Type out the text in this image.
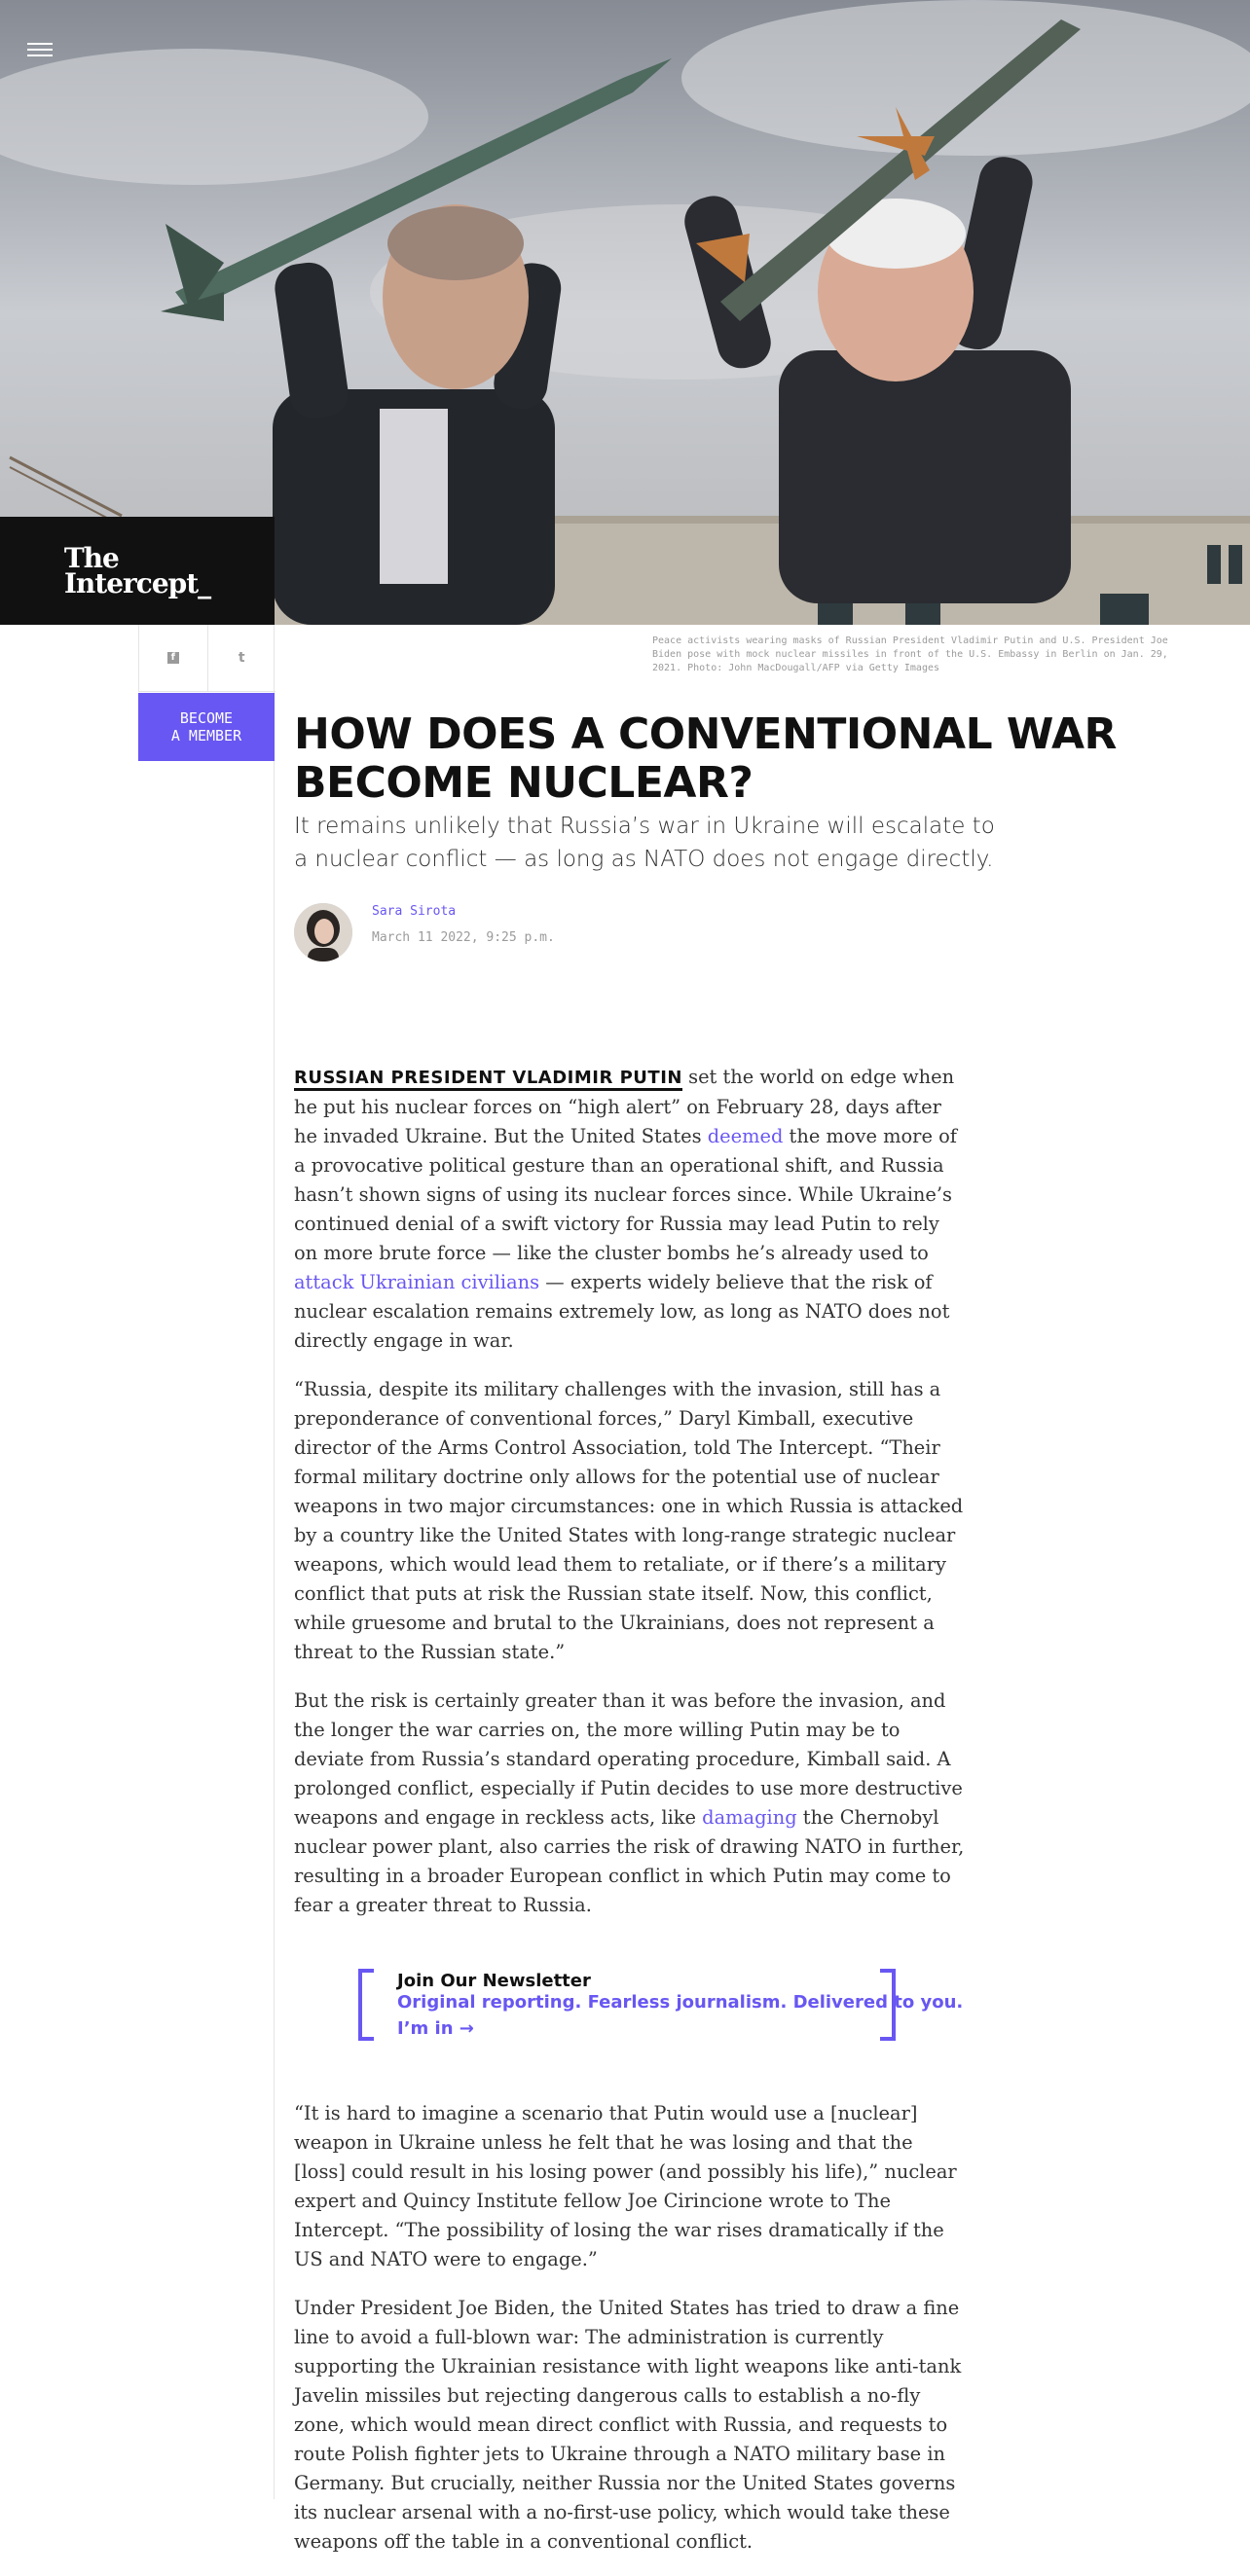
The
Intercept_
f	t
BECOME
A MEMBER
Peace activists wearing masks of Russian President Vladimir Putin and U.S. President Joe Biden pose with mock nuclear missiles in front of the U.S. Embassy in Berlin on Jan. 29, 2021. Photo: John MacDougall/AFP via Getty Images
HOW DOES A CONVENTIONAL WAR BECOME NUCLEAR?
It remains unlikely that Russia’s war in Ukraine will escalate to a nuclear conflict — as long as NATO does not engage directly.
Sara Sirota
March 11 2022, 9:25 p.m.

RUSSIAN PRESIDENT VLADIMIR PUTIN set the world on edge when he put his nuclear forces on “high alert” on February 28, days after he invaded Ukraine. But the United States deemed the move more of a provocative political gesture than an operational shift, and Russia hasn’t shown signs of using its nuclear forces since. While Ukraine’s continued denial of a swift victory for Russia may lead Putin to rely on more brute force — like the cluster bombs he’s already used to attack Ukrainian civilians — experts widely believe that the risk of nuclear escalation remains extremely low, as long as NATO does not directly engage in war.

“Russia, despite its military challenges with the invasion, still has a preponderance of conventional forces,” Daryl Kimball, executive director of the Arms Control Association, told The Intercept. “Their formal military doctrine only allows for the potential use of nuclear weapons in two major circumstances: one in which Russia is attacked by a country like the United States with long-range strategic nuclear weapons, which would lead them to retaliate, or if there’s a military conflict that puts at risk the Russian state itself. Now, this conflict, while gruesome and brutal to the Ukrainians, does not represent a threat to the Russian state.”

But the risk is certainly greater than it was before the invasion, and the longer the war carries on, the more willing Putin may be to deviate from Russia’s standard operating procedure, Kimball said. A prolonged conflict, especially if Putin decides to use more destructive weapons and engage in reckless acts, like damaging the Chernobyl nuclear power plant, also carries the risk of drawing NATO in further, resulting in a broader European conflict in which Putin may come to fear a greater threat to Russia.

Join Our Newsletter
Original reporting. Fearless journalism. Delivered to you.
I’m in →

“It is hard to imagine a scenario that Putin would use a [nuclear] weapon in Ukraine unless he felt that he was losing and that the [loss] could result in his losing power (and possibly his life),” nuclear expert and Quincy Institute fellow Joe Cirincione wrote to The Intercept. “The possibility of losing the war rises dramatically if the US and NATO were to engage.”

Under President Joe Biden, the United States has tried to draw a fine line to avoid a full-blown war: The administration is currently supporting the Ukrainian resistance with light weapons like anti-tank Javelin missiles but rejecting dangerous calls to establish a no-fly zone, which would mean direct conflict with Russia, and requests to route Polish fighter jets to Ukraine through a NATO military base in Germany. But crucially, neither Russia nor the United States governs its nuclear arsenal with a no-first-use policy, which would take these weapons off the table in a conventional conflict.
